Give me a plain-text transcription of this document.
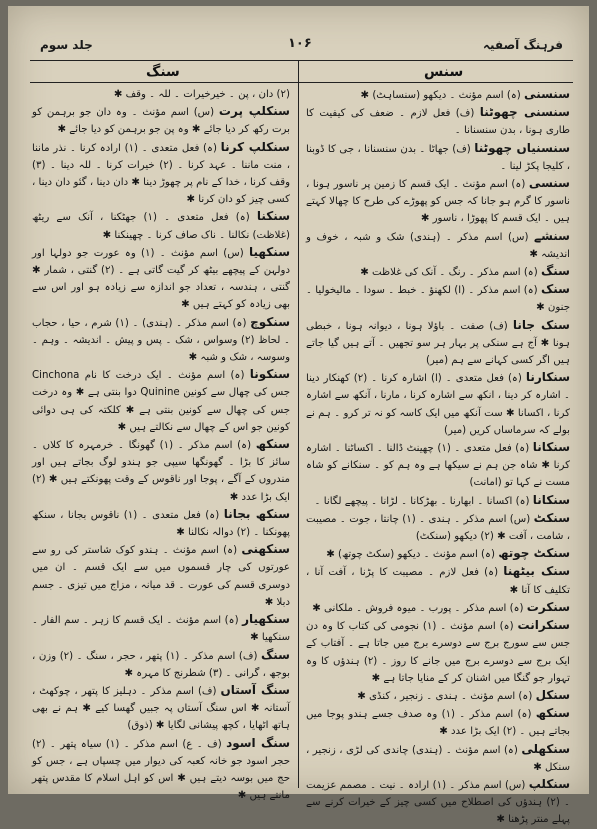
جلد سوم	۱۰۶	فرہنگ آصفیہ
سنگ	سنس

سنسنی (ہ) اسم مؤنث ۔ دیکھو (سنساہٹ) ✱

سنسنی چھوٹنا (ف) فعل لازم ۔ ضعف کی کیفیت کا طاری ہونا ، بدن سنسنانا ۔

سنسنیاں چھوٹنا (ف) جھاٹا ۔ بدن سنسنانا ، جی کا ڈوبنا ، کلیجا پکڑ لینا ۔

سنسی (ہ) اسم مؤنث ۔ ایک قسم کا زمین پر ناسور ہونا ، ناسور کا گرم ہو جانا کہ جس کو پھوڑے کی طرح کا چھالا کہتے ہیں ۔ ایک قسم کا پھوڑا ، ناسور ✱

سنشے (س) اسم مذکر ۔ (ہندی) شک و شبہ ، خوف و اندیشہ ✱

سنگ (ہ) اسم مذکر ۔ رنگ ۔ آنک کی غلاظت ✱

سنک (ہ) اسم مذکر ۔ (ا) لکھنؤ ۔ خبط ۔ سودا ۔ مالیخولیا ۔ جنون ✱

سنک جانا (ف) صفت ۔ باؤلا ہونا ، دیوانہ ہونا ، خبطی ہونا ✱ آج ہے سنکی پر بہار ہر سو تجھیں ۔ آتے ہیں گیا جاتے ہیں اگر کسی کہانے سے ہم (میر)

سنکارنا (ہ) فعل متعدی ۔ (ا) اشارہ کرنا ۔ (۲) کھنکار دینا ۔ اشارہ کر دینا ، انکھ سے اشارہ کرنا ، مارنا ، آنکھ سے اشارہ کرنا ، اکسانا ✱ ست آنکھ میں ایک کاسہ کو نہ تر کرو ۔ ہم نے بولے کہ سرماساں کریں (میر)

سنکانا (ہ) فعل متعدی ۔ (۱) چھینٹ ڈالنا ۔ اکساٹنا ۔ اشارہ کرنا ✱ شاہ جن ہم نے سیکھا ہے وہ ہم کو ۔ سنکانے کو شاہ مست نے کہا تو (امانت)

سنکانا (ہ) اکسانا ۔ ابھارنا ۔ بھڑکانا ۔ لڑانا ۔ پیچھے لگانا ۔

سنکٹ (س) اسم مذکر ۔ ہندی ۔ (۱) چانتا ، جوت ۔ مصیبت ، شامت ، آفت ✱ (۲) دیکھو (سنکٹ)

سنکٹ چوتھ (ہ) اسم مؤنث ۔ دیکھو (سکٹ چوتھ) ✱

سنک بیٹھنا (ہ) فعل لازم ۔ مصیبت کا پڑنا ، آفت آنا ، تکلیف کا آنا ✱

سنکرت (ہ) اسم مذکر ۔ پورب ۔ میوہ فروش ۔ ملکانی ✱

سنکرانت (ہ) اسم مؤنث ۔ (۱) نجومی کی کتاب کا وہ دن جس سے سورج برج سے دوسرے برج میں جاتا ہے ۔ آفتاب کے ایک برج سے دوسرے برج میں جانے کا روز ۔ (۲) ہندؤں کا وہ تہوار جو گنگا میں اشنان کر کے منایا جاتا ہے ✱

سنکل (ہ) اسم مؤنث ۔ ہندی ۔ زنجیر ، کنڈی ✱

سنکھ (ہ) اسم مذکر ۔ (۱) وہ صدف جسے ہندو پوجا میں بجاتے ہیں ۔ (۲) ایک بڑا عدد ✱

سنکھلی (ہ) اسم مؤنث ۔ (ہندی) چاندی کی لڑی ، زنجیر ، سنکل ✱

سنکلپ (س) اسم مذکر ۔ (۱) ارادہ ۔ نیت ۔ مصمم عزیمت ۔ (۲) ہندؤں کی اصطلاح میں کسی چیز کے خیرات کرنے سے پہلے منتر پڑھنا ✱

(۲) دان ، پن ۔ خیرخیرات ۔ للہ ۔ وقف ✱

سنکلپ پرت (س) اسم مؤنث ۔ وہ دان جو برہمن کو برت رکھ کر دیا جائے ✱ وہ پن جو برہمن کو دیا جائے ✱

سنکلپ کرنا (ہ) فعل متعدی ۔ (۱) ارادہ کرنا ۔ نذر ماننا ، منت ماننا ۔ عہد کرنا ۔ (۲) خیرات کرنا ۔ للہ دینا ۔ (۳) وقف کرنا ، خدا کے نام پر چھوڑ دینا ✱ دان دینا ، گئو دان دینا ، کسی چیز کو دان کرنا ✱

سنکنا (ہ) فعل متعدی ۔ (۱) جھٹکنا ، آنک سے ریٹھ (غلاظت) نکالنا ۔ ناک صاف کرنا ۔ چھینکنا ✱

سنکھیا (س) اسم مؤنث ۔ (۱) وہ عورت جو دولہا اور دولہن کے پیچھے بیٹھ کر گیت گاتی ہے ۔ (۲) گنتی ، شمار ✱ گنتی ، ہندسہ ، تعداد جو اندازہ سے زیادہ ہو اور اس سے بھی زیادہ کو کہتے ہیں ✱

سنکوچ (ہ) اسم مذکر ۔ (ہندی) ۔ (۱) شرم ، حیا ، حجاب ۔ لحاظ (۲) وسواس ، شک ۔ پس و پیش ۔ اندیشہ ۔ وہم ۔ وسوسہ ، شک و شبہ ✱

سنکونا (ہ) اسم مؤنث ۔ ایک درخت کا نام Cinchona جس کی چھال سے کونین Quinine دوا بنتی ہے ✱ وہ درخت جس کی چھال سے کونین بنتی ہے ✱ کلکتہ کی ہی دوائی کونین جو اس کے چھال سے نکالتے ہیں ✱

سنکھ (ہ) اسم مذکر ۔ (۱) گھونگا ۔ خرمہرہ کا کلاں ۔ سائز کا بڑا ۔ گھونگھا سیپی جو ہندو لوگ بجاتے ہیں اور مندروں کے آگے ، پوجا اور ناقوس کے وقت پھونکتے ہیں ✱ (۲) ایک بڑا عدد ✱

سنکھ بجانا (ہ) فعل متعدی ۔ (۱) ناقوس بجانا ، سنکھ پھونکنا ۔ (۲) دوالہ نکالنا ✱

سنکھنی (ہ) اسم مؤنث ۔ ہندو کوک شاستر کی رو سے عورتوں کی چار قسموں میں سے ایک قسم ۔ ان میں دوسری قسم کی عورت ۔ قد میانہ ، مزاج میں تیزی ۔ جسم دبلا ✱

سنکھیار (ہ) اسم مؤنث ۔ ایک قسم کا زہر ۔ سم الفار ۔ سنکھیا ✱

سنگ (ف) اسم مذکر ۔ (۱) پتھر ، حجر ، سنگ ۔ (۲) وزن ، بوجھ ، گرانی ۔ (۳) شطرنج کا مہرہ ✱

سنگ آستاں (ف) اسم مذکر ۔ دہلیز کا پتھر ، چوکھٹ ، آستانہ ✱ اس سنگ آستاں پہ جبیں گھسا کیے ✱ ہم نے بھی ہاتھ اٹھایا ، کچھ پیشانی لگایا ✱ (ذوق)

سنگ اسود (ف ۔ ع) اسم مذکر ۔ (۱) سیاہ پتھر ۔ (۲) حجر اسود جو خانہ کعبہ کی دیوار میں چسپاں ہے ، جس کو حج میں بوسہ دیتے ہیں ✱ اس کو اہل اسلام کا مقدس پتھر مانتے ہیں ✱
